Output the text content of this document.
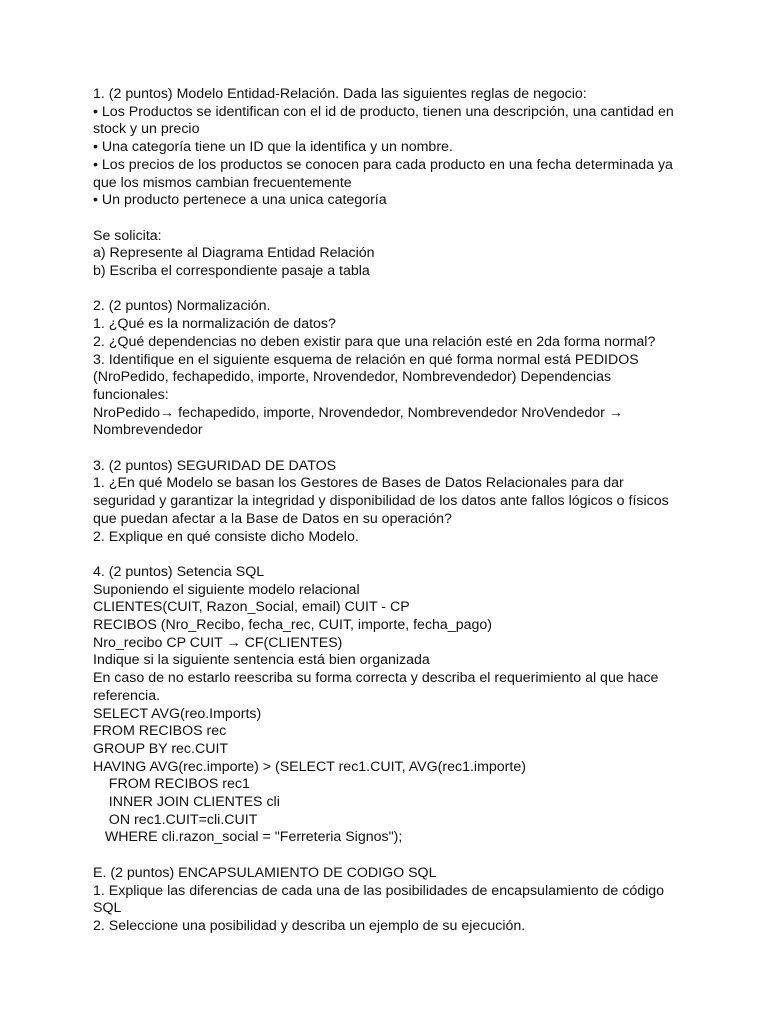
1. (2 puntos) Modelo Entidad-Relación. Dada las siguientes reglas de negocio:
• Los Productos se identifican con el id de producto, tienen una descripción, una cantidad en
stock y un precio
• Una categoría tiene un ID que la identifica y un nombre.
• Los precios de los productos se conocen para cada producto en una fecha determinada ya
que los mismos cambian frecuentemente
• Un producto pertenece a una unica categoría
Se solicita:
a) Represente al Diagrama Entidad Relación
b) Escriba el correspondiente pasaje a tabla
2. (2 puntos) Normalización.
1. ¿Qué es la normalización de datos?
2. ¿Qué dependencias no deben existir para que una relación esté en 2da forma normal?
3. Identifique en el siguiente esquema de relación en qué forma normal está PEDIDOS
(NroPedido, fechapedido, importe, Nrovendedor, Nombrevendedor) Dependencias
funcionales:
NroPedido→ fechapedido, importe, Nrovendedor, Nombrevendedor NroVendedor →
Nombrevendedor
3. (2 puntos) SEGURIDAD DE DATOS
1. ¿En qué Modelo se basan los Gestores de Bases de Datos Relacionales para dar
seguridad y garantizar la integridad y disponibilidad de los datos ante fallos lógicos o físicos
que puedan afectar a la Base de Datos en su operación?
2. Explique en qué consiste dicho Modelo.
4. (2 puntos) Setencia SQL
Suponiendo el siguiente modelo relacional
CLIENTES(CUIT, Razon_Social, email) CUIT - CP
RECIBOS (Nro_Recibo, fecha_rec, CUIT, importe, fecha_pago)
Nro_recibo CP CUIT → CF(CLIENTES)
Indique si la siguiente sentencia está bien organizada
En caso de no estarlo reescriba su forma correcta y describa el requerimiento al que hace
referencia.
SELECT AVG(reo.Imports)
FROM RECIBOS rec
GROUP BY rec.CUIT
HAVING AVG(rec.importe) > (SELECT rec1.CUIT, AVG(rec1.importe)
FROM RECIBOS rec1
INNER JOIN CLIENTES cli
ON rec1.CUIT=cli.CUIT
WHERE cli.razon_social = "Ferreteria Signos");
E. (2 puntos) ENCAPSULAMIENTO DE CODIGO SQL
1. Explique las diferencias de cada una de las posibilidades de encapsulamiento de código
SQL
2. Seleccione una posibilidad y describa un ejemplo de su ejecución.
